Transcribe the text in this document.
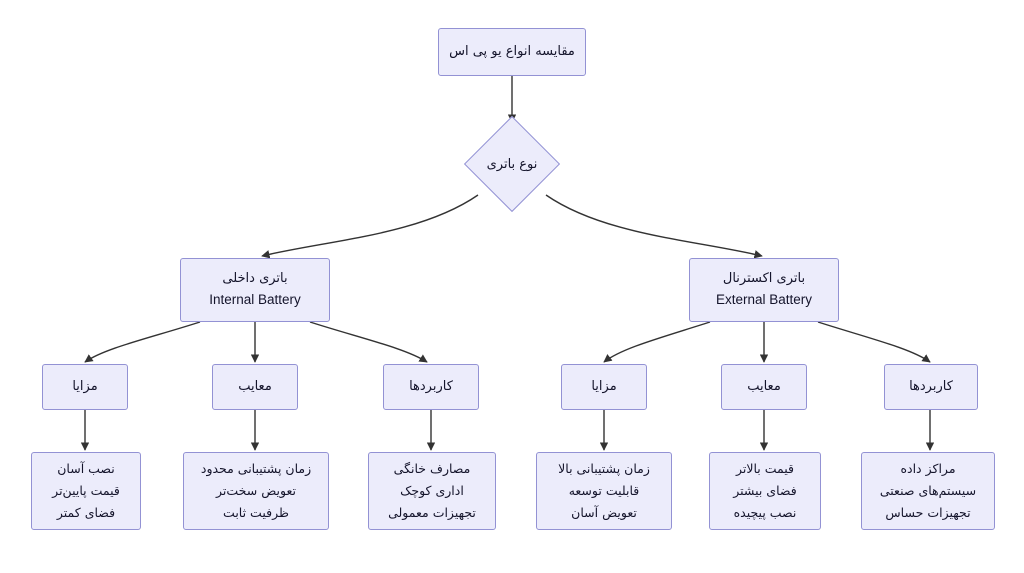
مقایسه انواع یو پی اس
نوع باتری
باتری داخلی
Internal Battery
باتری اکسترنال
External Battery
مزایا	معایب	کاربردها	مزایا	معایب	کاربردها
نصب آسان
قیمت پایین‌تر
فضای کمتر
زمان پشتیبانی محدود
تعویض سخت‌تر
ظرفیت ثابت
مصارف خانگی
اداری کوچک
تجهیزات معمولی
زمان پشتیبانی بالا
قابلیت توسعه
تعویض آسان
قیمت بالاتر
فضای بیشتر
نصب پیچیده
مراکز داده
سیستم‌های صنعتی
تجهیزات حساس
